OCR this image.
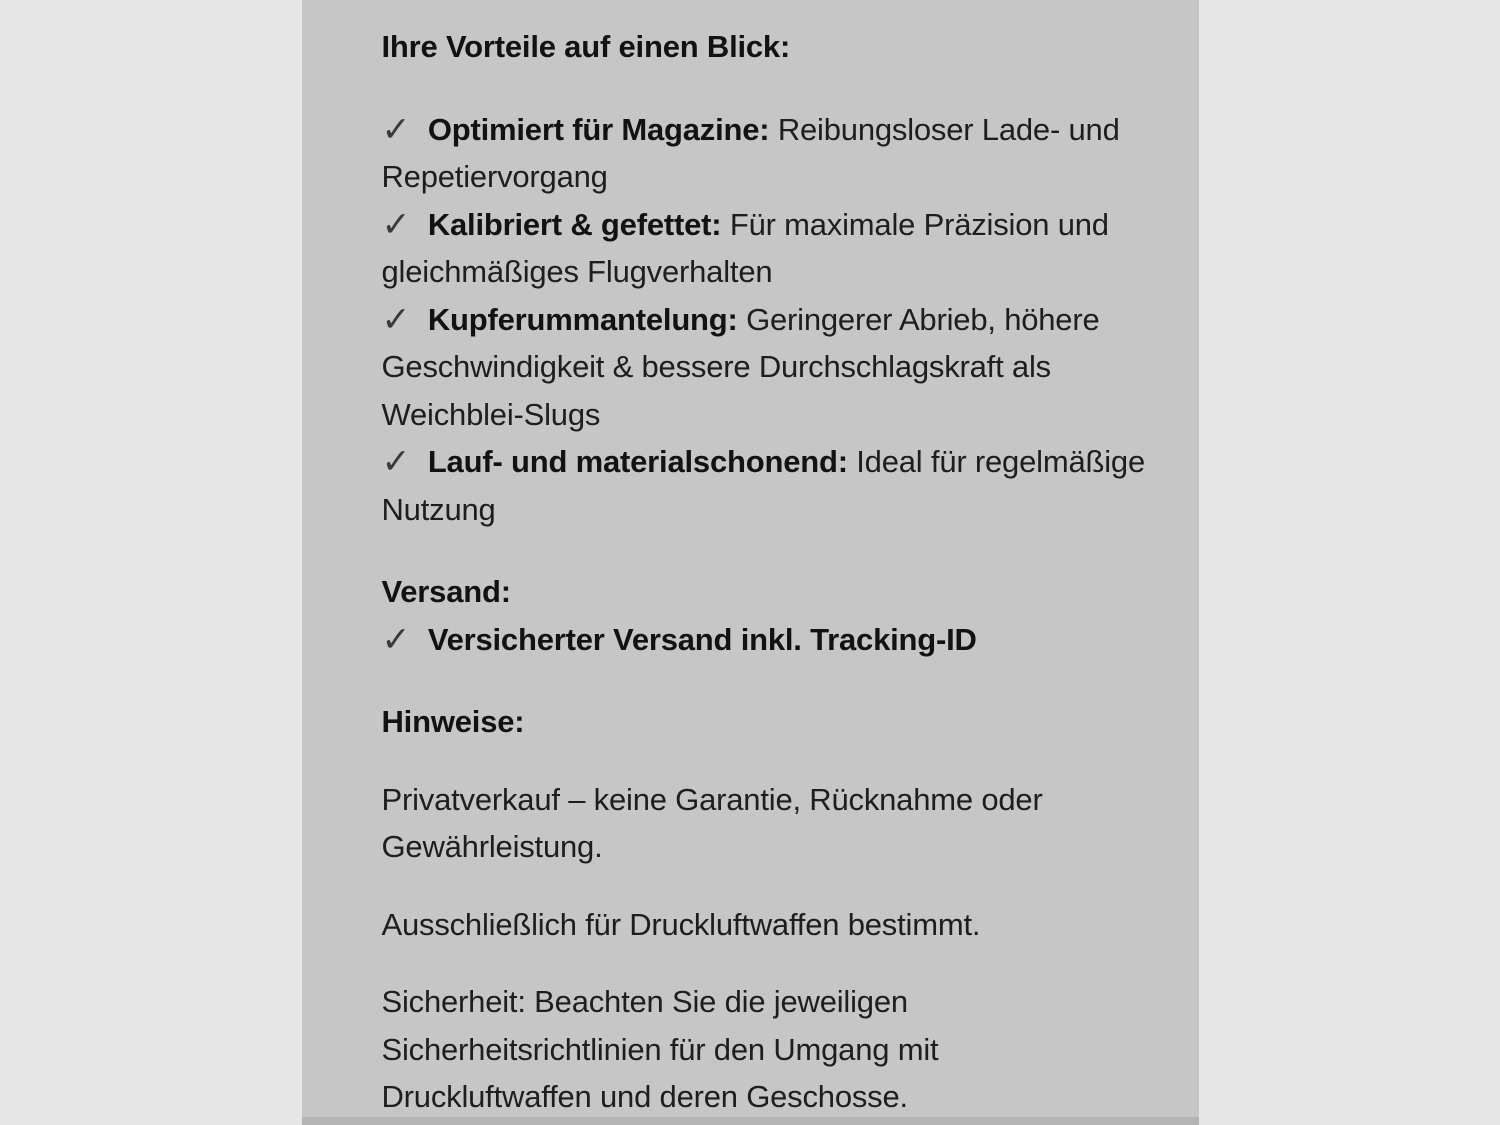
Ihre Vorteile auf einen Blick:
✓ Optimiert für Magazine: Reibungsloser Lade- und Repetiervorgang
✓ Kalibriert & gefettet: Für maximale Präzision und gleichmäßiges Flugverhalten
✓ Kupferummantelung: Geringerer Abrieb, höhere Geschwindigkeit & bessere Durchschlagskraft als Weichblei-Slugs
✓ Lauf- und materialschonend: Ideal für regelmäßige Nutzung
Versand:
✓ Versicherter Versand inkl. Tracking-ID
Hinweise:

Privatverkauf – keine Garantie, Rücknahme oder Gewährleistung.

Ausschließlich für Druckluftwaffen bestimmt.

Sicherheit: Beachten Sie die jeweiligen Sicherheitsrichtlinien für den Umgang mit Druckluftwaffen und deren Geschosse.
